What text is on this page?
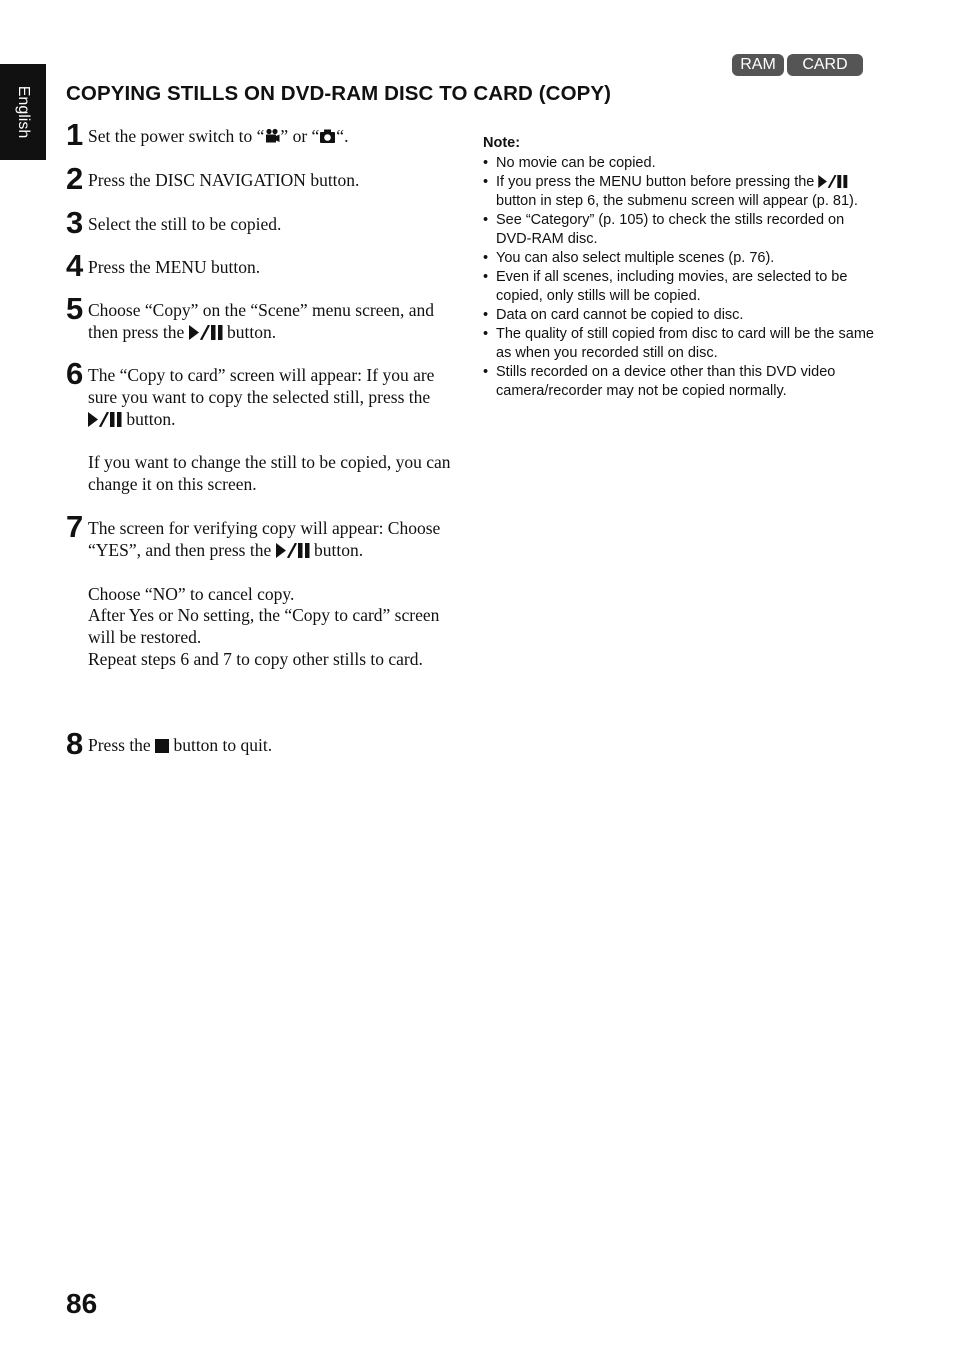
English
RAM	CARD
COPYING STILLS ON DVD-RAM DISC TO CARD (COPY)
1 Set the power switch to “ ” or “ “.

2 Press the DISC NAVIGATION button.

3 Select the still to be copied.

4 Press the MENU button.

5 Choose “Copy” on the “Scene” menu screen, and then press the  button.

6 The “Copy to card” screen will appear: If you are sure you want to copy the selected still, press the  button.

If you want to change the still to be copied, you can change it on this screen.

7 The screen for verifying copy will appear: Choose “YES”, and then press the  button.

Choose “NO” to cancel copy.

After Yes or No setting, the “Copy to card” screen will be restored.

Repeat steps 6 and 7 to copy other stills to card.

8 Press the  button to quit.

Note:

• No movie can be copied.
• If you press the MENU button before pressing the  button in step 6, the submenu screen will appear (p. 81).
• See “Category” (p. 105) to check the stills recorded on DVD-RAM disc.
• You can also select multiple scenes (p. 76).
• Even if all scenes, including movies, are selected to be copied, only stills will be copied.
• Data on card cannot be copied to disc.
• The quality of still copied from disc to card will be the same as when you recorded still on disc.
• Stills recorded on a device other than this DVD video camera/recorder may not be copied normally.
86
